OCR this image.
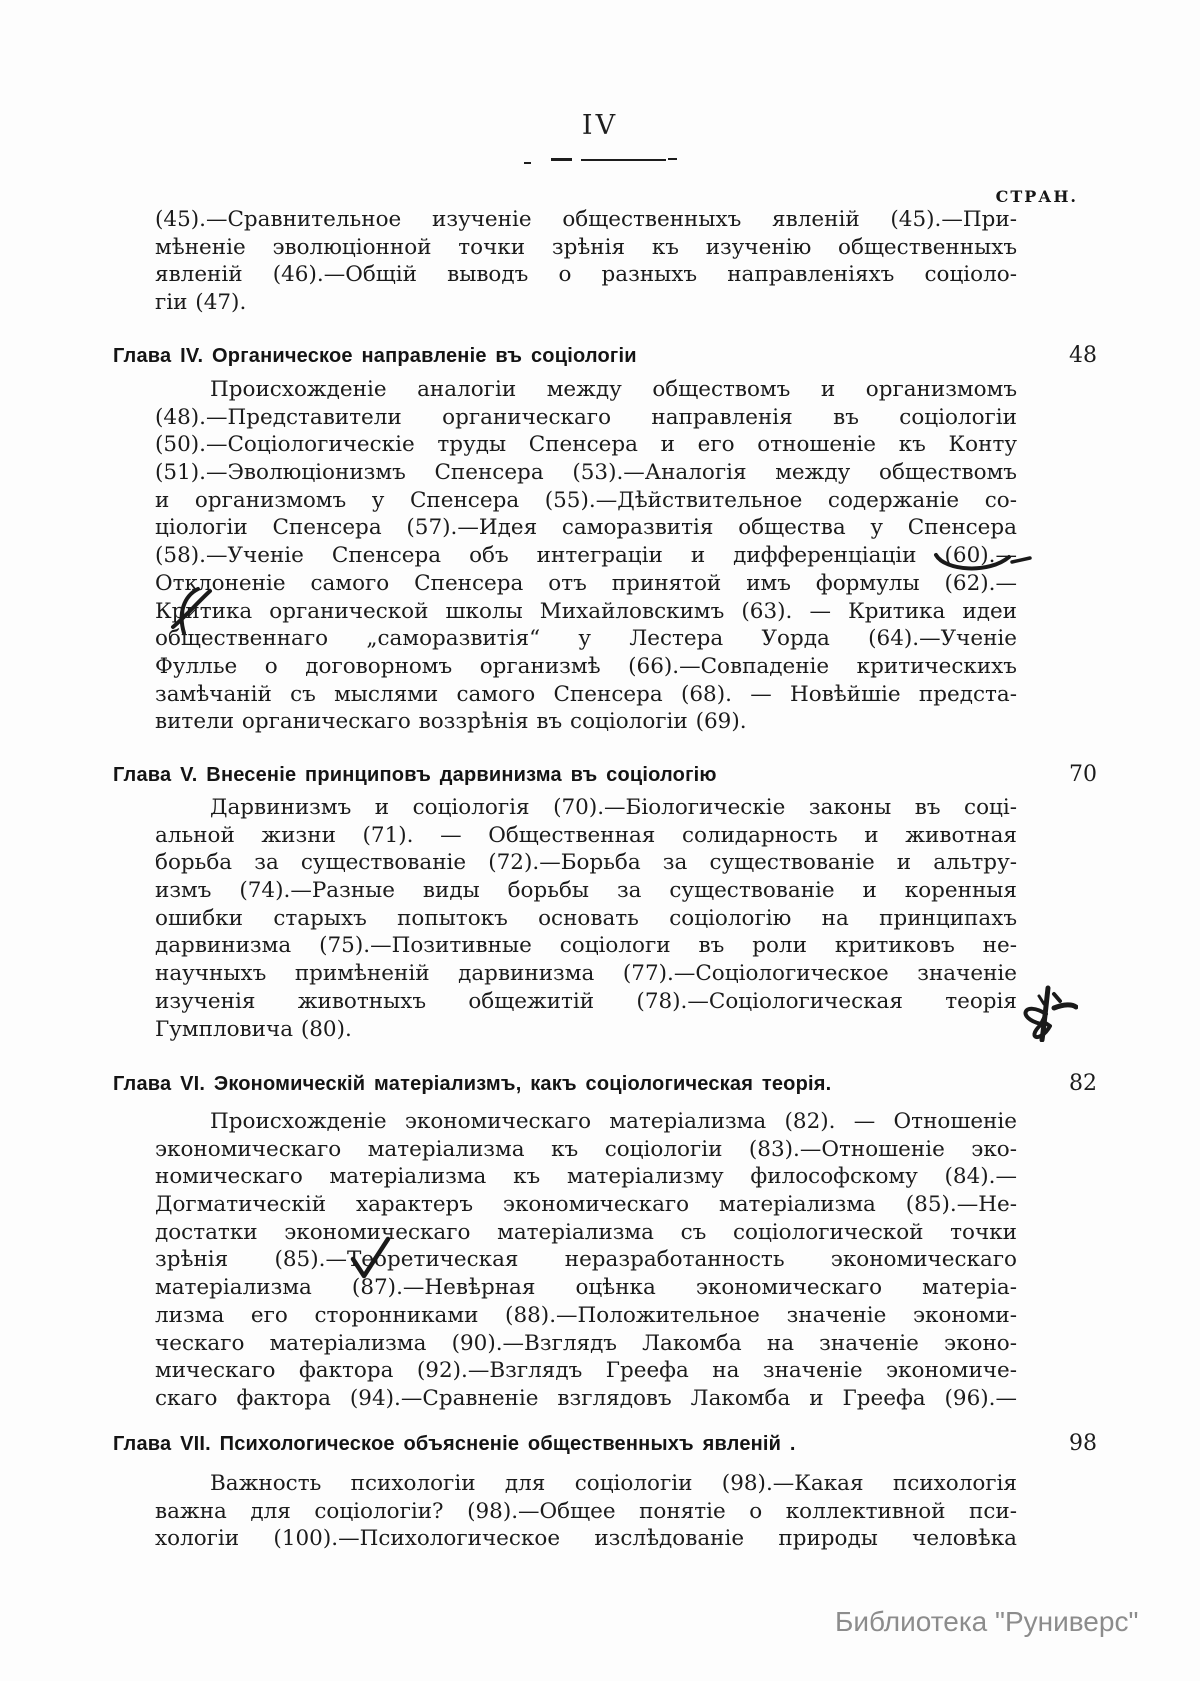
IV
СТРАН.
(45).—Сравнительное изученіе общественныхъ явленій (45).—При-
мѣненіе эволюціонной точки зрѣнія къ изученію общественныхъ
явленій (46).—Общій выводъ о разныхъ направленіяхъ соціоло-
гіи (47).
Глава IV. Органическое направленіе въ соціологіи	48
Происхожденіе аналогіи между обществомъ и организмомъ
(48).—Представители органическаго направленія въ соціологіи
(50).—Соціологическіе труды Спенсера и его отношеніе къ Конту
(51).—Эволюціонизмъ Спенсера (53).—Аналогія между обществомъ
и организмомъ у Спенсера (55).—Дѣйствительное содержаніе со-
ціологіи Спенсера (57).—Идея саморазвитія общества у Спенсера
(58).—Ученіе Спенсера объ интеграціи и дифференціаціи (60).—
Отклоненіе самого Спенсера отъ принятой имъ формулы (62).—
Критика органической школы Михайловскимъ (63). — Критика идеи
общественнаго „саморазвитія“ у Лестера Уорда (64).—Ученіе
Фуллье о договорномъ организмѣ (66).—Совпаденіе критическихъ
замѣчаній съ мыслями самого Спенсера (68). — Новѣйшіе предста-
вители органическаго воззрѣнія въ соціологіи (69).
Глава V. Внесеніе принциповъ дарвинизма въ соціологію	70
Дарвинизмъ и соціологія (70).—Біологическіе законы въ соці-
альной жизни (71). — Общественная солидарность и животная
борьба за существованіе (72).—Борьба за существованіе и альтру-
измъ (74).—Разные виды борьбы за существованіе и коренныя
ошибки старыхъ попытокъ основать соціологію на принципахъ
дарвинизма (75).—Позитивные соціологи въ роли критиковъ не-
научныхъ примѣненій дарвинизма (77).—Соціологическое значеніе
изученія животныхъ общежитій (78).—Соціологическая теорія
Гумпловича (80).
Глава VI. Экономическій матеріализмъ, какъ соціологическая теорія.	82
Происхожденіе экономическаго матеріализма (82). — Отношеніе
экономическаго матеріализма къ соціологіи (83).—Отношеніе эко-
номическаго матеріализма къ матеріализму философскому (84).—
Догматическій характеръ экономическаго матеріализма (85).—Не-
достатки экономическаго матеріализма съ соціологической точки
зрѣнія (85).—Теоретическая неразработанность экономическаго
матеріализма (87).—Невѣрная оцѣнка экономическаго матеріа-
лизма его сторонниками (88).—Положительное значеніе экономи-
ческаго матеріализма (90).—Взглядъ Лакомба на значеніе эконо-
мическаго фактора (92).—Взглядъ Греефа на значеніе экономиче-
скаго фактора (94).—Сравненіе взглядовъ Лакомба и Греефа (96).—
Глава VII. Психологическое объясненіе общественныхъ явленій .	98
Важность психологіи для соціологіи (98).—Какая психологія
важна для соціологіи? (98).—Общее понятіе о коллективной пси-
хологіи (100).—Психологическое изслѣдованіе природы человѣка
Библиотека "Руниверс"
